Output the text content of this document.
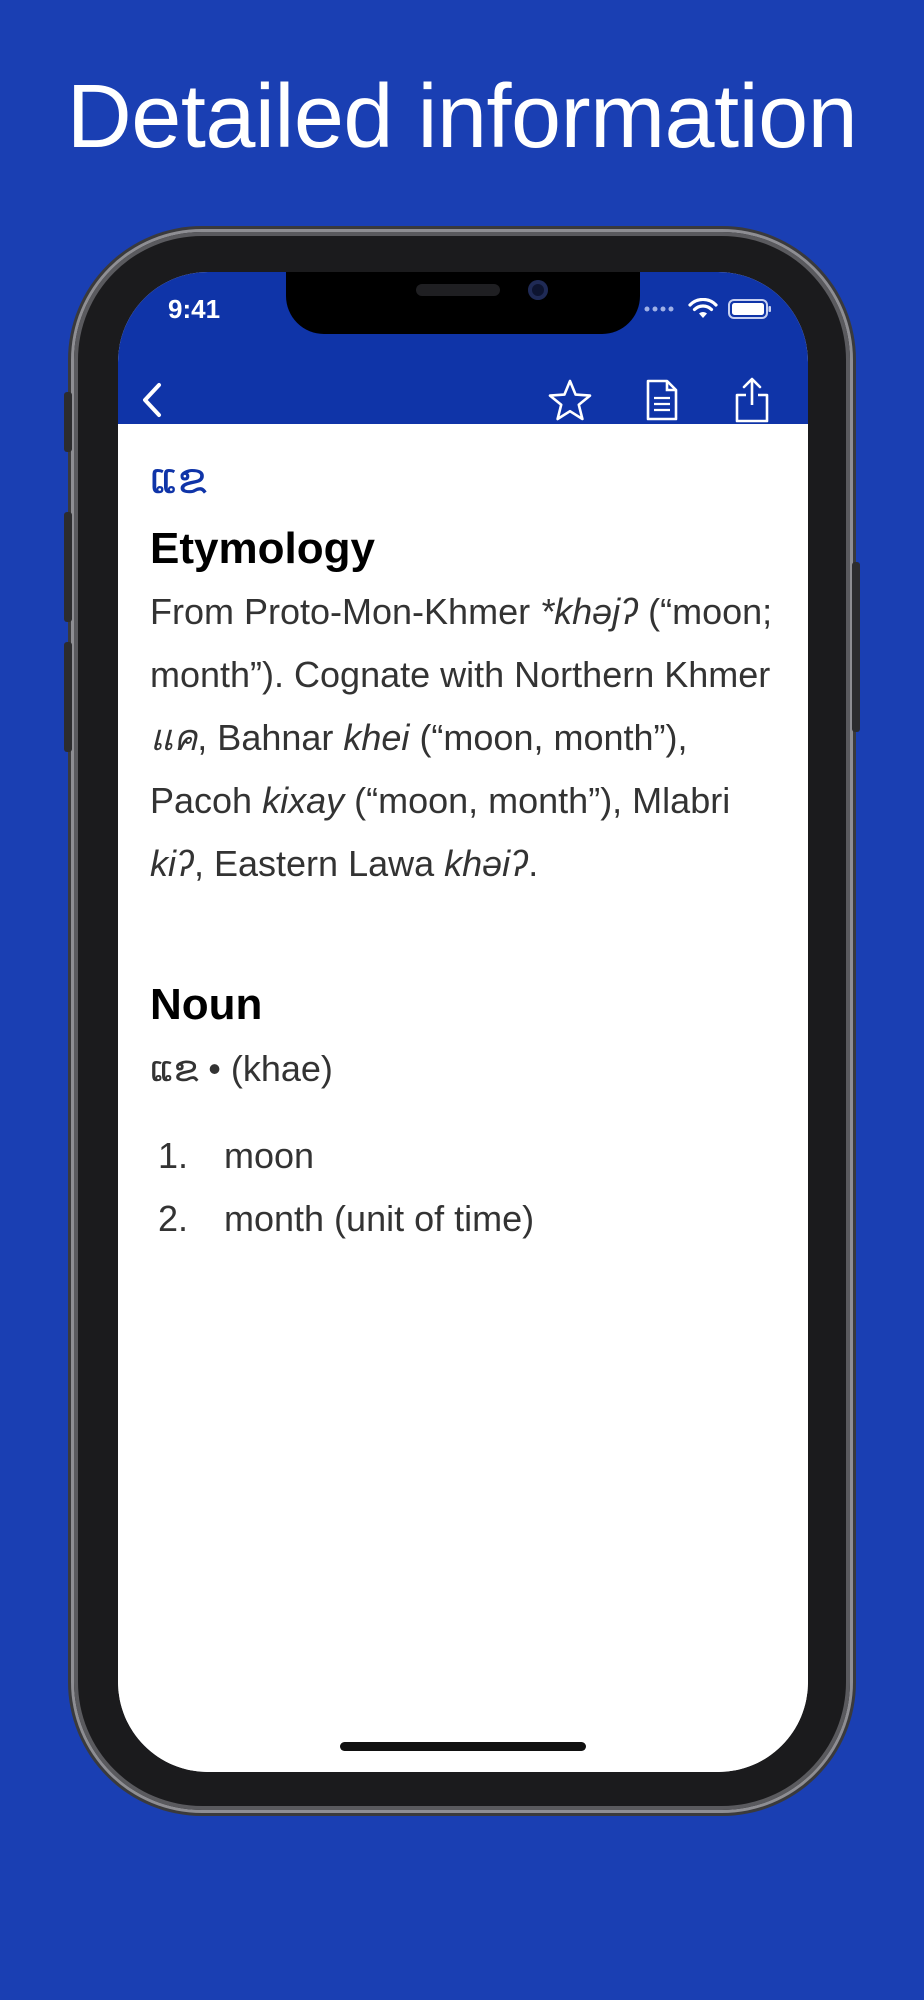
Detailed information
9:41
ແຂ
Etymology
From Proto-Mon-Khmer *khəjʔ (“moon; month”). Cognate with Northern Khmer แค, Bahnar khei (“moon, month”), Pacoh kixay (“moon, month”), Mlabri kiʔ, Eastern Lawa khəiʔ.
Noun
ແຂ • (khae)
1. moon
2. month (unit of time)
